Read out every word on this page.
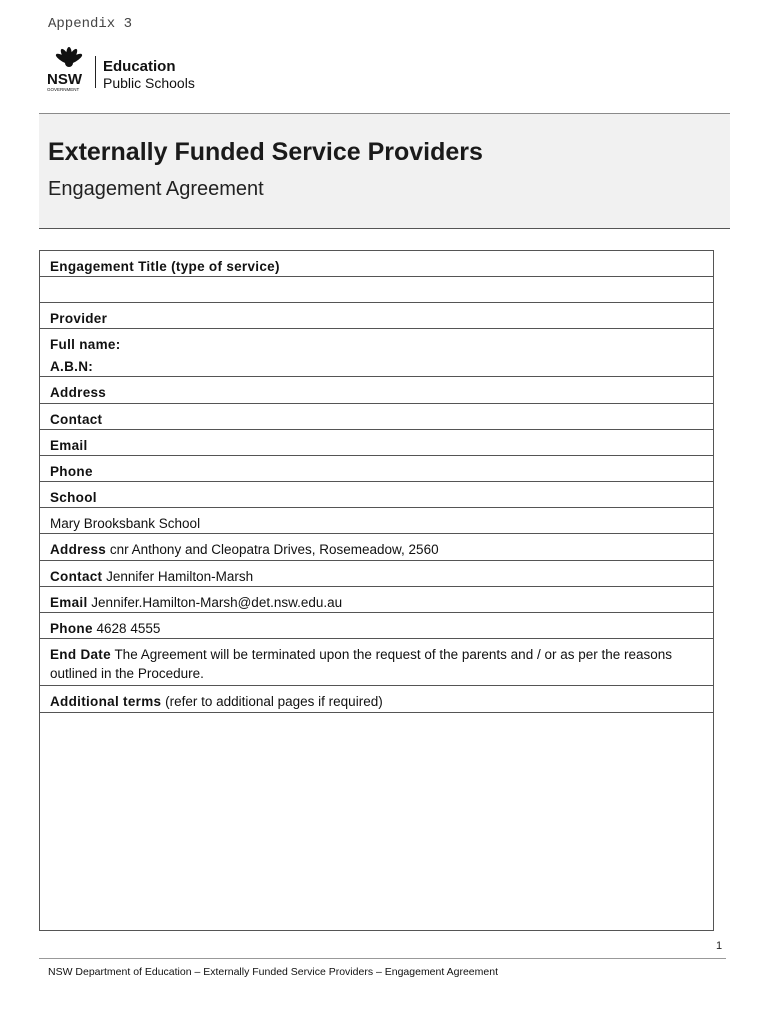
Appendix 3
NSW
GOVERNMENT
Education
Public Schools
Externally Funded Service Providers
Engagement Agreement
Engagement Title (type of service)
Provider
Full name:
A.B.N:
Address
Contact
Email
Phone
School
Mary Brooksbank School
Address cnr Anthony and Cleopatra Drives, Rosemeadow, 2560
Contact Jennifer Hamilton-Marsh
Email Jennifer.Hamilton-Marsh@det.nsw.edu.au
Phone 4628 4555
End Date The Agreement will be terminated upon the request of the parents and / or as per the reasons outlined in the Procedure.
Additional terms (refer to additional pages if required)
1
NSW Department of Education – Externally Funded Service Providers – Engagement Agreement
